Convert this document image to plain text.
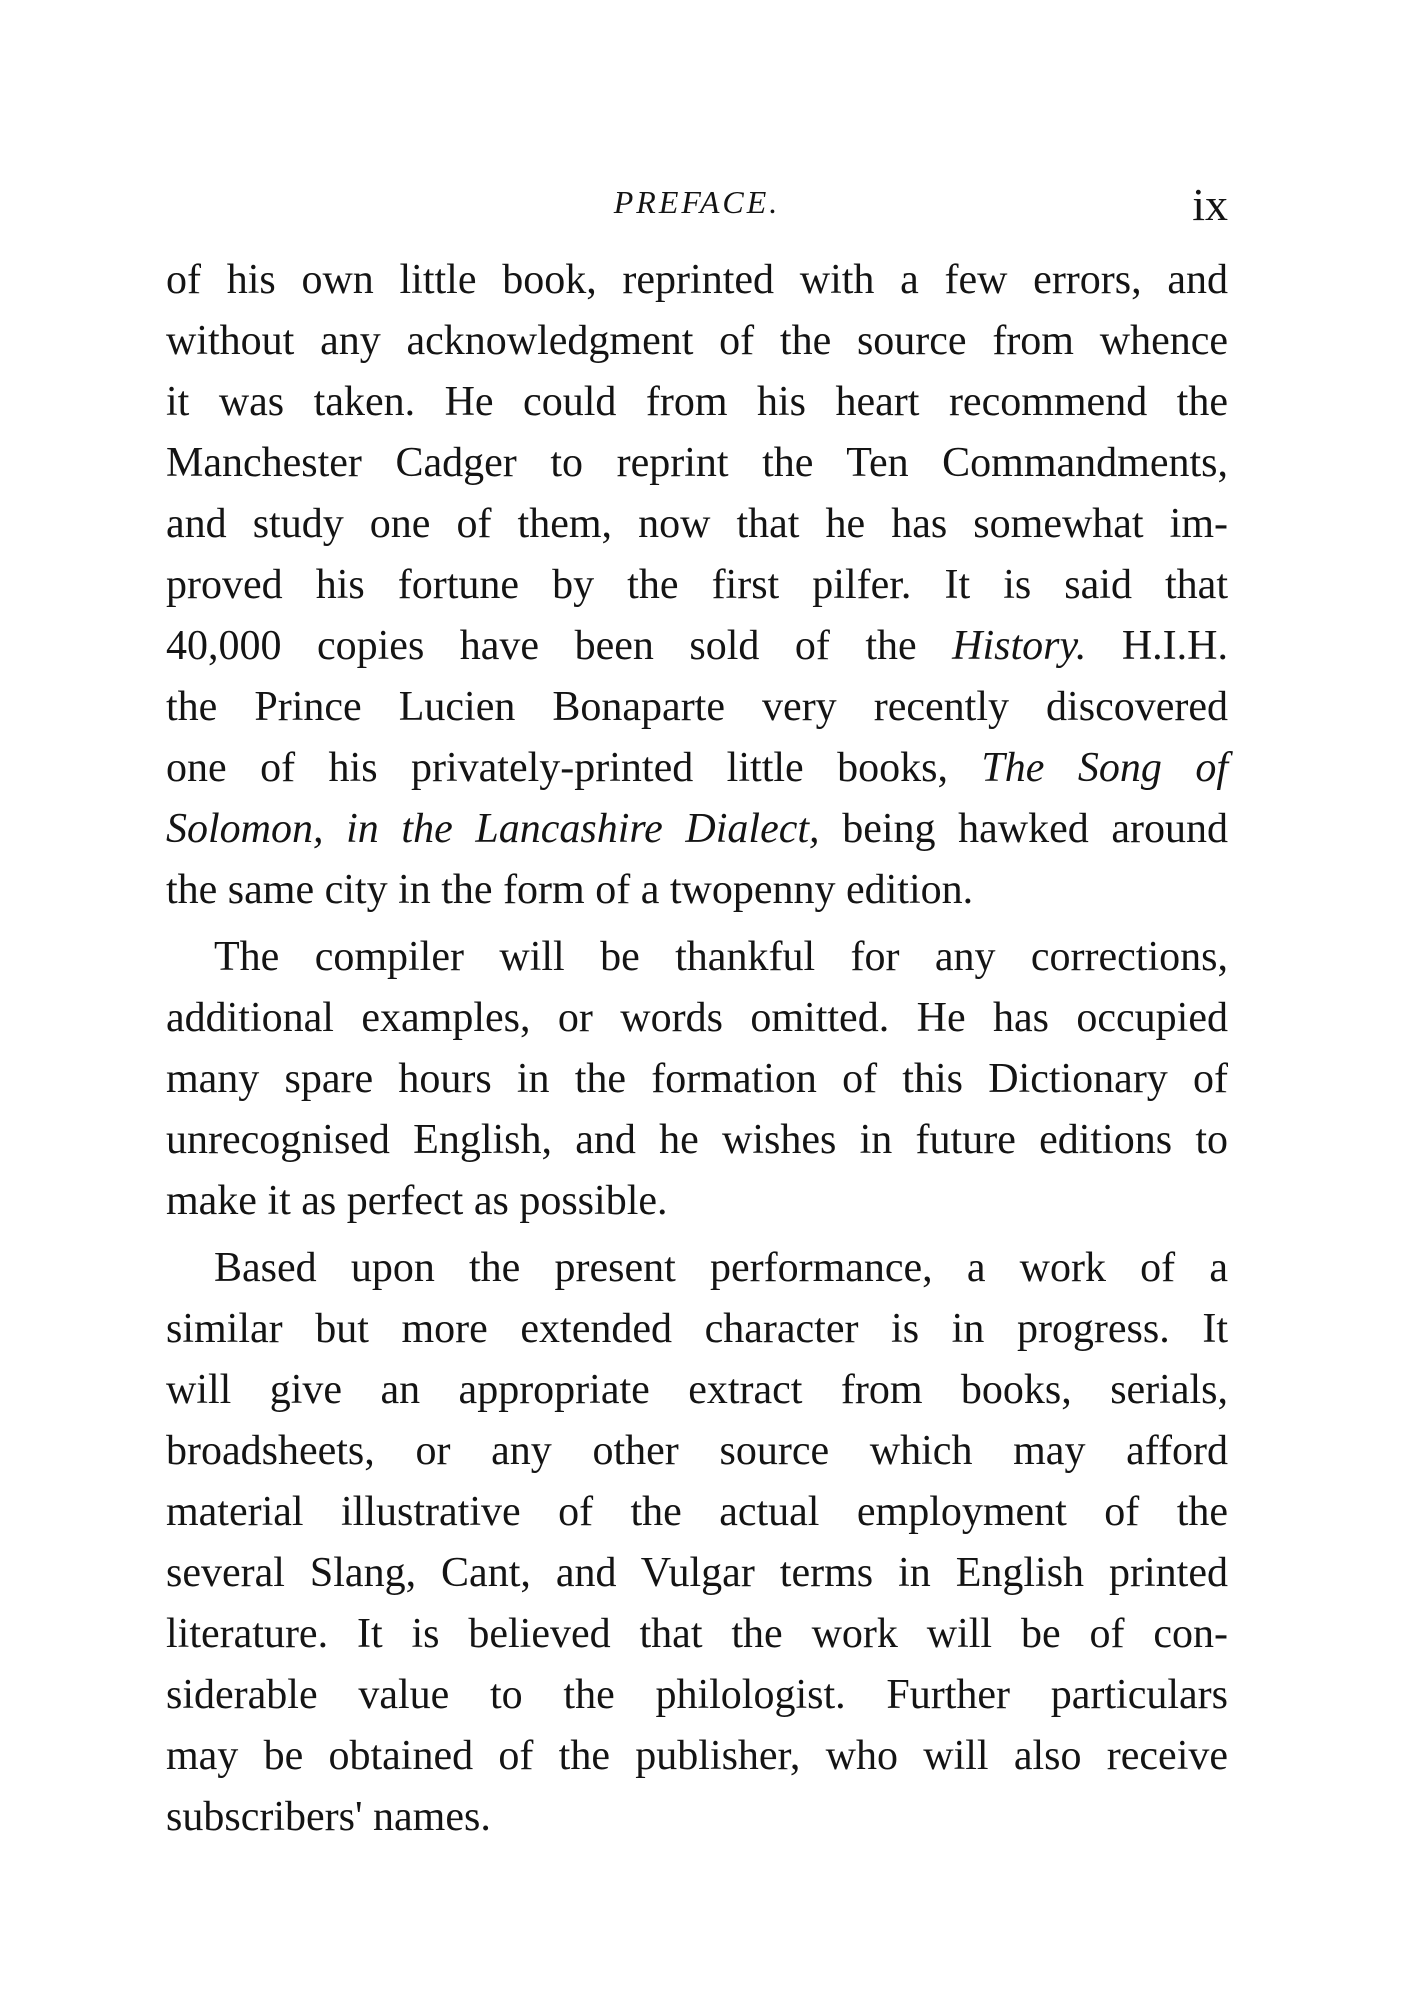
PREFACE.	ix
of his own little book, reprinted with a few errors, and
without any acknowledgment of the source from whence
it was taken. He could from his heart recommend the
Manchester Cadger to reprint the Ten Commandments,
and study one of them, now that he has somewhat im-
proved his fortune by the first pilfer. It is said that
40,000 copies have been sold of the History. H.I.H.
the Prince Lucien Bonaparte very recently discovered
one of his privately-printed little books, The Song of
Solomon, in the Lancashire Dialect, being hawked around
the same city in the form of a twopenny edition.
The compiler will be thankful for any corrections,
additional examples, or words omitted. He has occupied
many spare hours in the formation of this Dictionary of
unrecognised English, and he wishes in future editions to
make it as perfect as possible.
Based upon the present performance, a work of a
similar but more extended character is in progress. It
will give an appropriate extract from books, serials,
broadsheets, or any other source which may afford
material illustrative of the actual employment of the
several Slang, Cant, and Vulgar terms in English printed
literature. It is believed that the work will be of con-
siderable value to the philologist. Further particulars
may be obtained of the publisher, who will also receive
subscribers' names.
